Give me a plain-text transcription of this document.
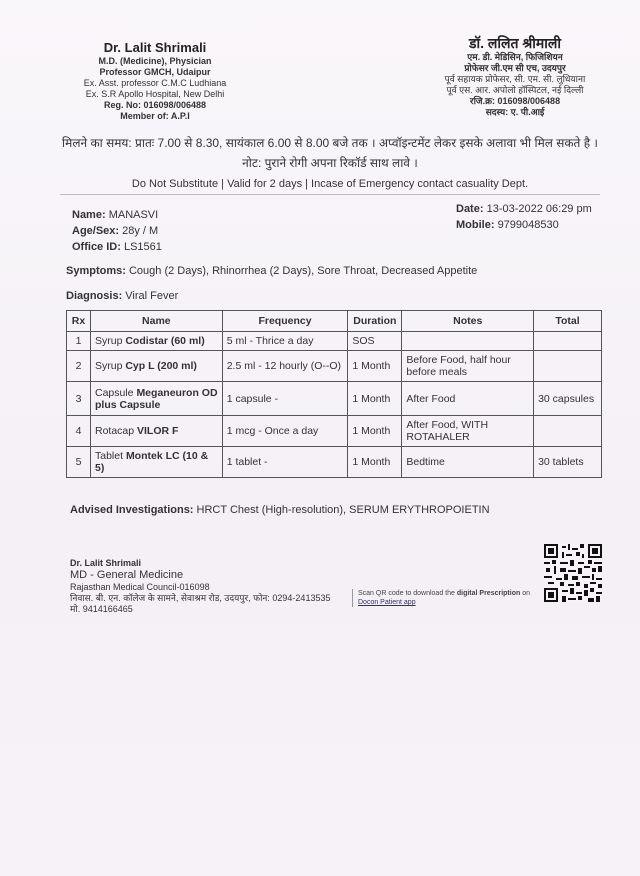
Dr. Lalit Shrimali
M.D. (Medicine), Physician
Professor GMCH, Udaipur
Ex. Asst. professor C.M.C Ludhiana
Ex. S.R Apollo Hospital, New Delhi
Reg. No: 016098/006488
Member of: A.P.I
डॉ. ललित श्रीमाली
एम. डी. मेडिसिन, फिजिशियन
प्रोफेसर जी.एम सी एच, उदयपुर
पूर्व सहायक प्रोफेसर, सी. एम. सी. लुधियाना
पूर्व एस. आर. अपोलो हॉस्पिटल, नई दिल्ली
रजि.क्र: 016098/006488
सदस्य: ए. पी.आई
मिलने का समय: प्रातः 7.00 से 8.30, सायंकाल 6.00 से 8.00 बजे तक । अप्वॉइन्टमेंट लेकर इसके अलावा भी मिल सकते है ।
नोट: पुराने रोगी अपना रिकॉर्ड साथ लावे ।
Do Not Substitute | Valid for 2 days | Incase of Emergency contact casuality Dept.
Name: MANASVI
Age/Sex: 28y / M
Office ID: LS1561
Date: 13-03-2022 06:29 pm
Mobile: 9799048530
Symptoms: Cough (2 Days), Rhinorrhea (2 Days), Sore Throat, Decreased Appetite
Diagnosis: Viral Fever
Rx	Name	Frequency	Duration	Notes	Total
1	Syrup Codistar (60 ml)	5 ml - Thrice a day	SOS		
2	Syrup Cyp L (200 ml)	2.5 ml - 12 hourly (O--O)	1 Month	Before Food, half hour before meals	
3	Capsule Meganeuron OD plus Capsule	1 capsule -	1 Month	After Food	30 capsules
4	Rotacap VILOR F	1 mcg - Once a day	1 Month	After Food, WITH ROTAHALER	
5	Tablet Montek LC (10 & 5)	1 tablet -	1 Month	Bedtime	30 tablets
Advised Investigations: HRCT Chest (High-resolution), SERUM ERYTHROPOIETIN
Dr. Lalit Shrimali
MD - General Medicine
Rajasthan Medical Council-016098
निवास. बी. एन. कॉलेज के सामने, सेवाश्रम रोड, उदयपुर, फोन: 0294-2413535
मो. 9414166465
Scan QR code to download the digital Prescription on
Docon Patient app
